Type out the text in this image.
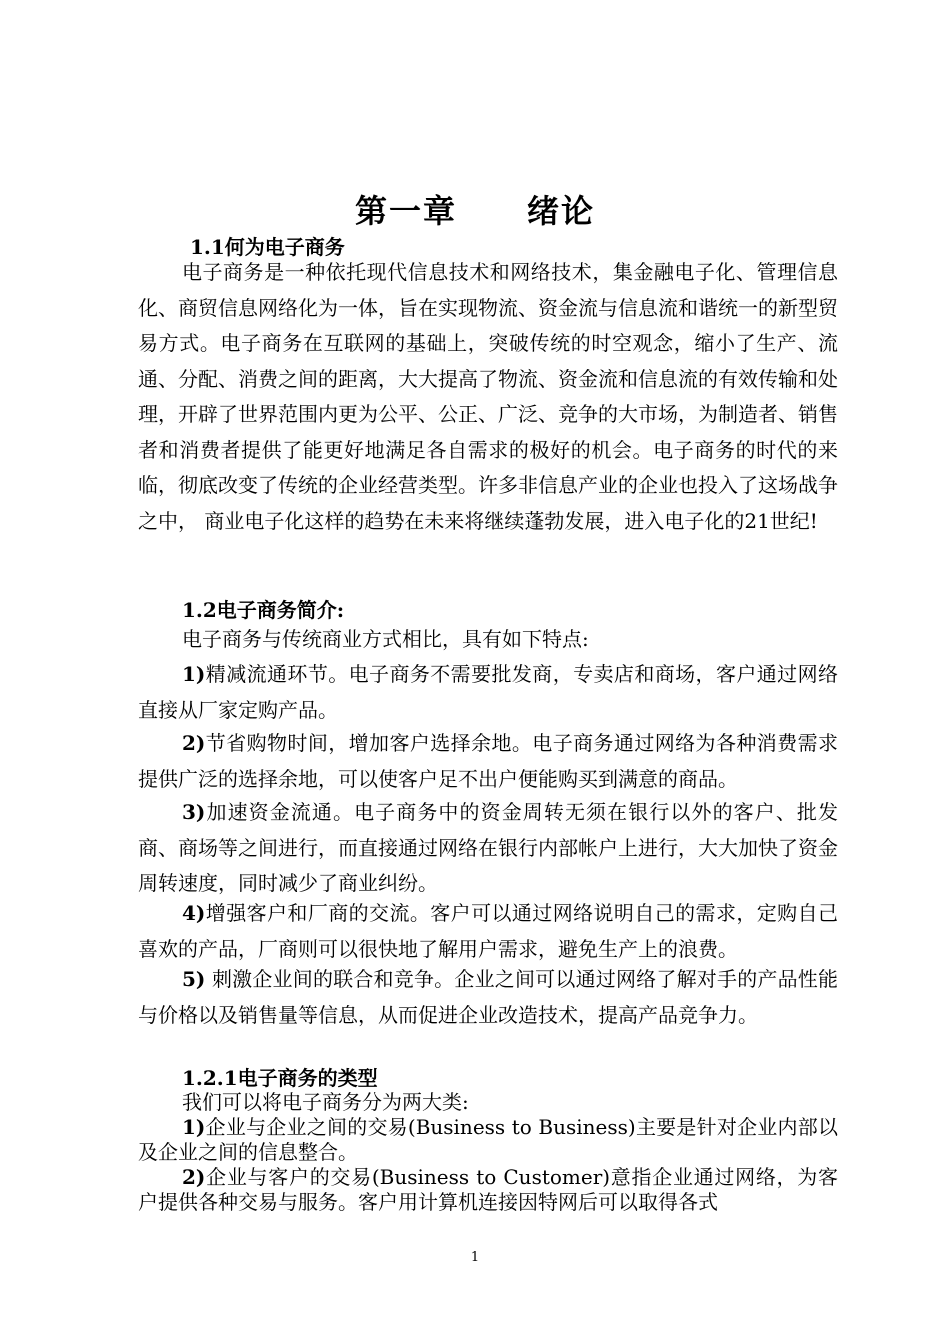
第一章 绪论
1.1何为电子商务

电子商务是一种依托现代信息技术和网络技术，集金融电子化、管理信息化、商贸信息网络化为一体，旨在实现物流、资金流与信息流和谐统一的新型贸易方式。电子商务在互联网的基础上，突破传统的时空观念，缩小了生产、流通、分配、消费之间的距离，大大提高了物流、资金流和信息流的有效传输和处理，开辟了世界范围内更为公平、公正、广泛、竞争的大市场，为制造者、销售者和消费者提供了能更好地满足各自需求的极好的机会。电子商务的时代的来临，彻底改变了传统的企业经营类型。许多非信息产业的企业也投入了这场战争之中， 商业电子化这样的趋势在未来将继续蓬勃发展，进入电子化的21世纪!

1.2电子商务简介:

电子商务与传统商业方式相比，具有如下特点:

1)精减流通环节。电子商务不需要批发商，专卖店和商场，客户通过网络直接从厂家定购产品。

2)节省购物时间，增加客户选择余地。电子商务通过网络为各种消费需求提供广泛的选择余地，可以使客户足不出户便能购买到满意的商品。

3)加速资金流通。电子商务中的资金周转无须在银行以外的客户、批发商、商场等之间进行，而直接通过网络在银行内部帐户上进行，大大加快了资金周转速度，同时减少了商业纠纷。

4)增强客户和厂商的交流。客户可以通过网络说明自己的需求，定购自己喜欢的产品，厂商则可以很快地了解用户需求，避免生产上的浪费。

5) 刺激企业间的联合和竞争。企业之间可以通过网络了解对手的产品性能与价格以及销售量等信息，从而促进企业改造技术，提高产品竞争力。

1.2.1电子商务的类型

我们可以将电子商务分为两大类:

1)企业与企业之间的交易(Business to Business)主要是针对企业内部以及企业之间的信息整合。

2)企业与客户的交易(Business to Customer)意指企业通过网络，为客户提供各种交易与服务。客户用计算机连接因特网后可以取得各式

1
